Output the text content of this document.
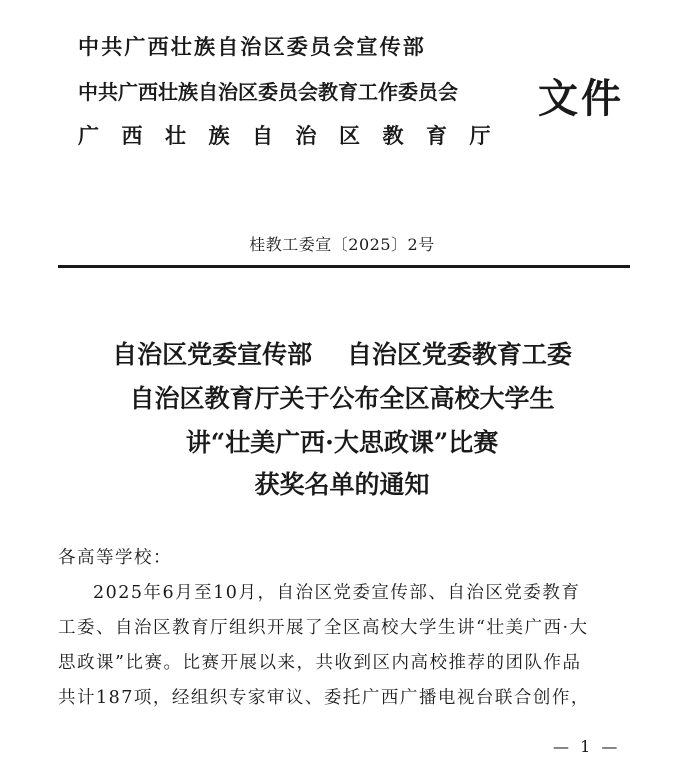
中共广西壮族自治区委员会宣传部
中共广西壮族自治区委员会教育工作委员会
广西壮族自治区教育厅
文件
桂教工委宣〔2025〕2号
自治区党委宣传部 自治区党委教育工委
自治区教育厅关于公布全区高校大学生
讲“壮美广西·大思政课”比赛
获奖名单的通知
各高等学校：
2025年6月至10月，自治区党委宣传部、自治区党委教育
工委、自治区教育厅组织开展了全区高校大学生讲“壮美广西·大
思政课”比赛。比赛开展以来，共收到区内高校推荐的团队作品
共计187项，经组织专家审议、委托广西广播电视台联合创作，
— 1 —
